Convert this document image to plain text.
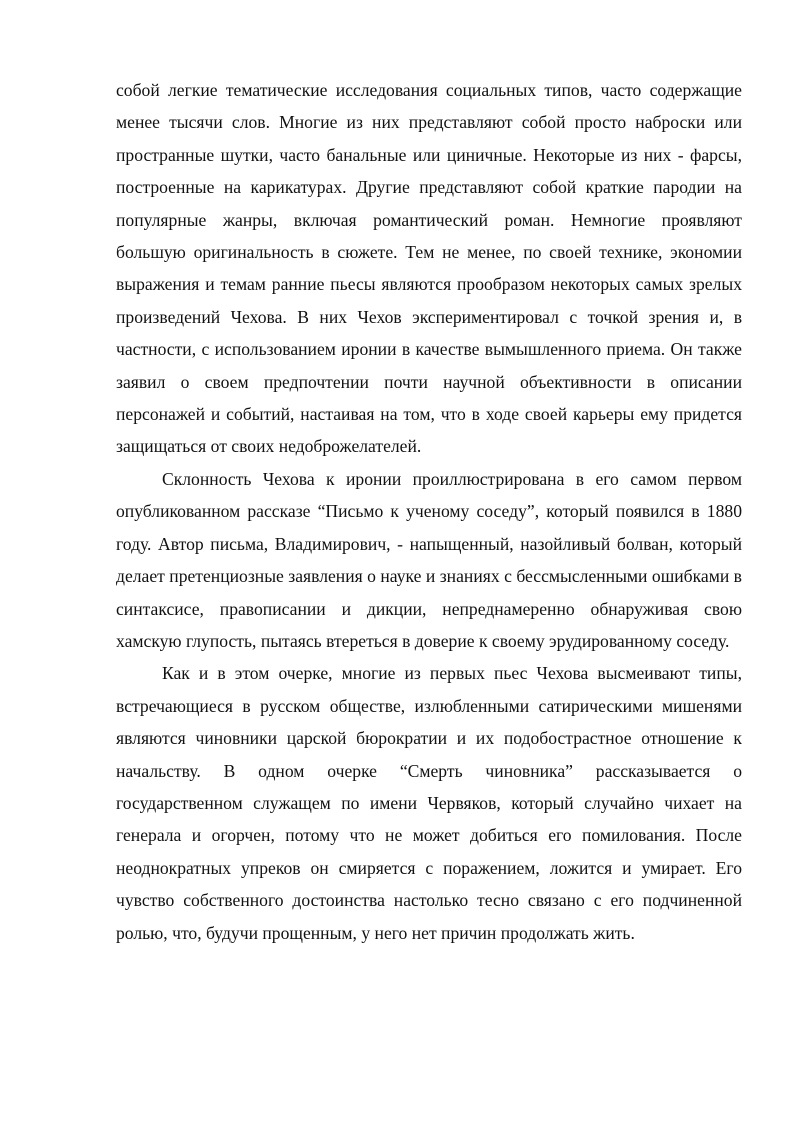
собой легкие тематические исследования социальных типов, часто содержащие менее тысячи слов. Многие из них представляют собой просто наброски или пространные шутки, часто банальные или циничные. Некоторые из них - фарсы, построенные на карикатурах. Другие представляют собой краткие пародии на популярные жанры, включая романтический роман. Немногие проявляют большую оригинальность в сюжете. Тем не менее, по своей технике, экономии выражения и темам ранние пьесы являются прообразом некоторых самых зрелых произведений Чехова. В них Чехов экспериментировал с точкой зрения и, в частности, с использованием иронии в качестве вымышленного приема. Он также заявил о своем предпочтении почти научной объективности в описании персонажей и событий, настаивая на том, что в ходе своей карьеры ему придется защищаться от своих недоброжелателей.

Склонность Чехова к иронии проиллюстрирована в его самом первом опубликованном рассказе “Письмо к ученому соседу”, который появился в 1880 году. Автор письма, Владимирович, - напыщенный, назойливый болван, который делает претенциозные заявления о науке и знаниях с бессмысленными ошибками в синтаксисе, правописании и дикции, непреднамеренно обнаруживая свою хамскую глупость, пытаясь втереться в доверие к своему эрудированному соседу.

Как и в этом очерке, многие из первых пьес Чехова высмеивают типы, встречающиеся в русском обществе, излюбленными сатирическими мишенями являются чиновники царской бюрократии и их подобострастное отношение к начальству. В одном очерке “Смерть чиновника” рассказывается о государственном служащем по имени Червяков, который случайно чихает на генерала и огорчен, потому что не может добиться его помилования. После неоднократных упреков он смиряется с поражением, ложится и умирает. Его чувство собственного достоинства настолько тесно связано с его подчиненной ролью, что, будучи прощенным, у него нет причин продолжать жить.
